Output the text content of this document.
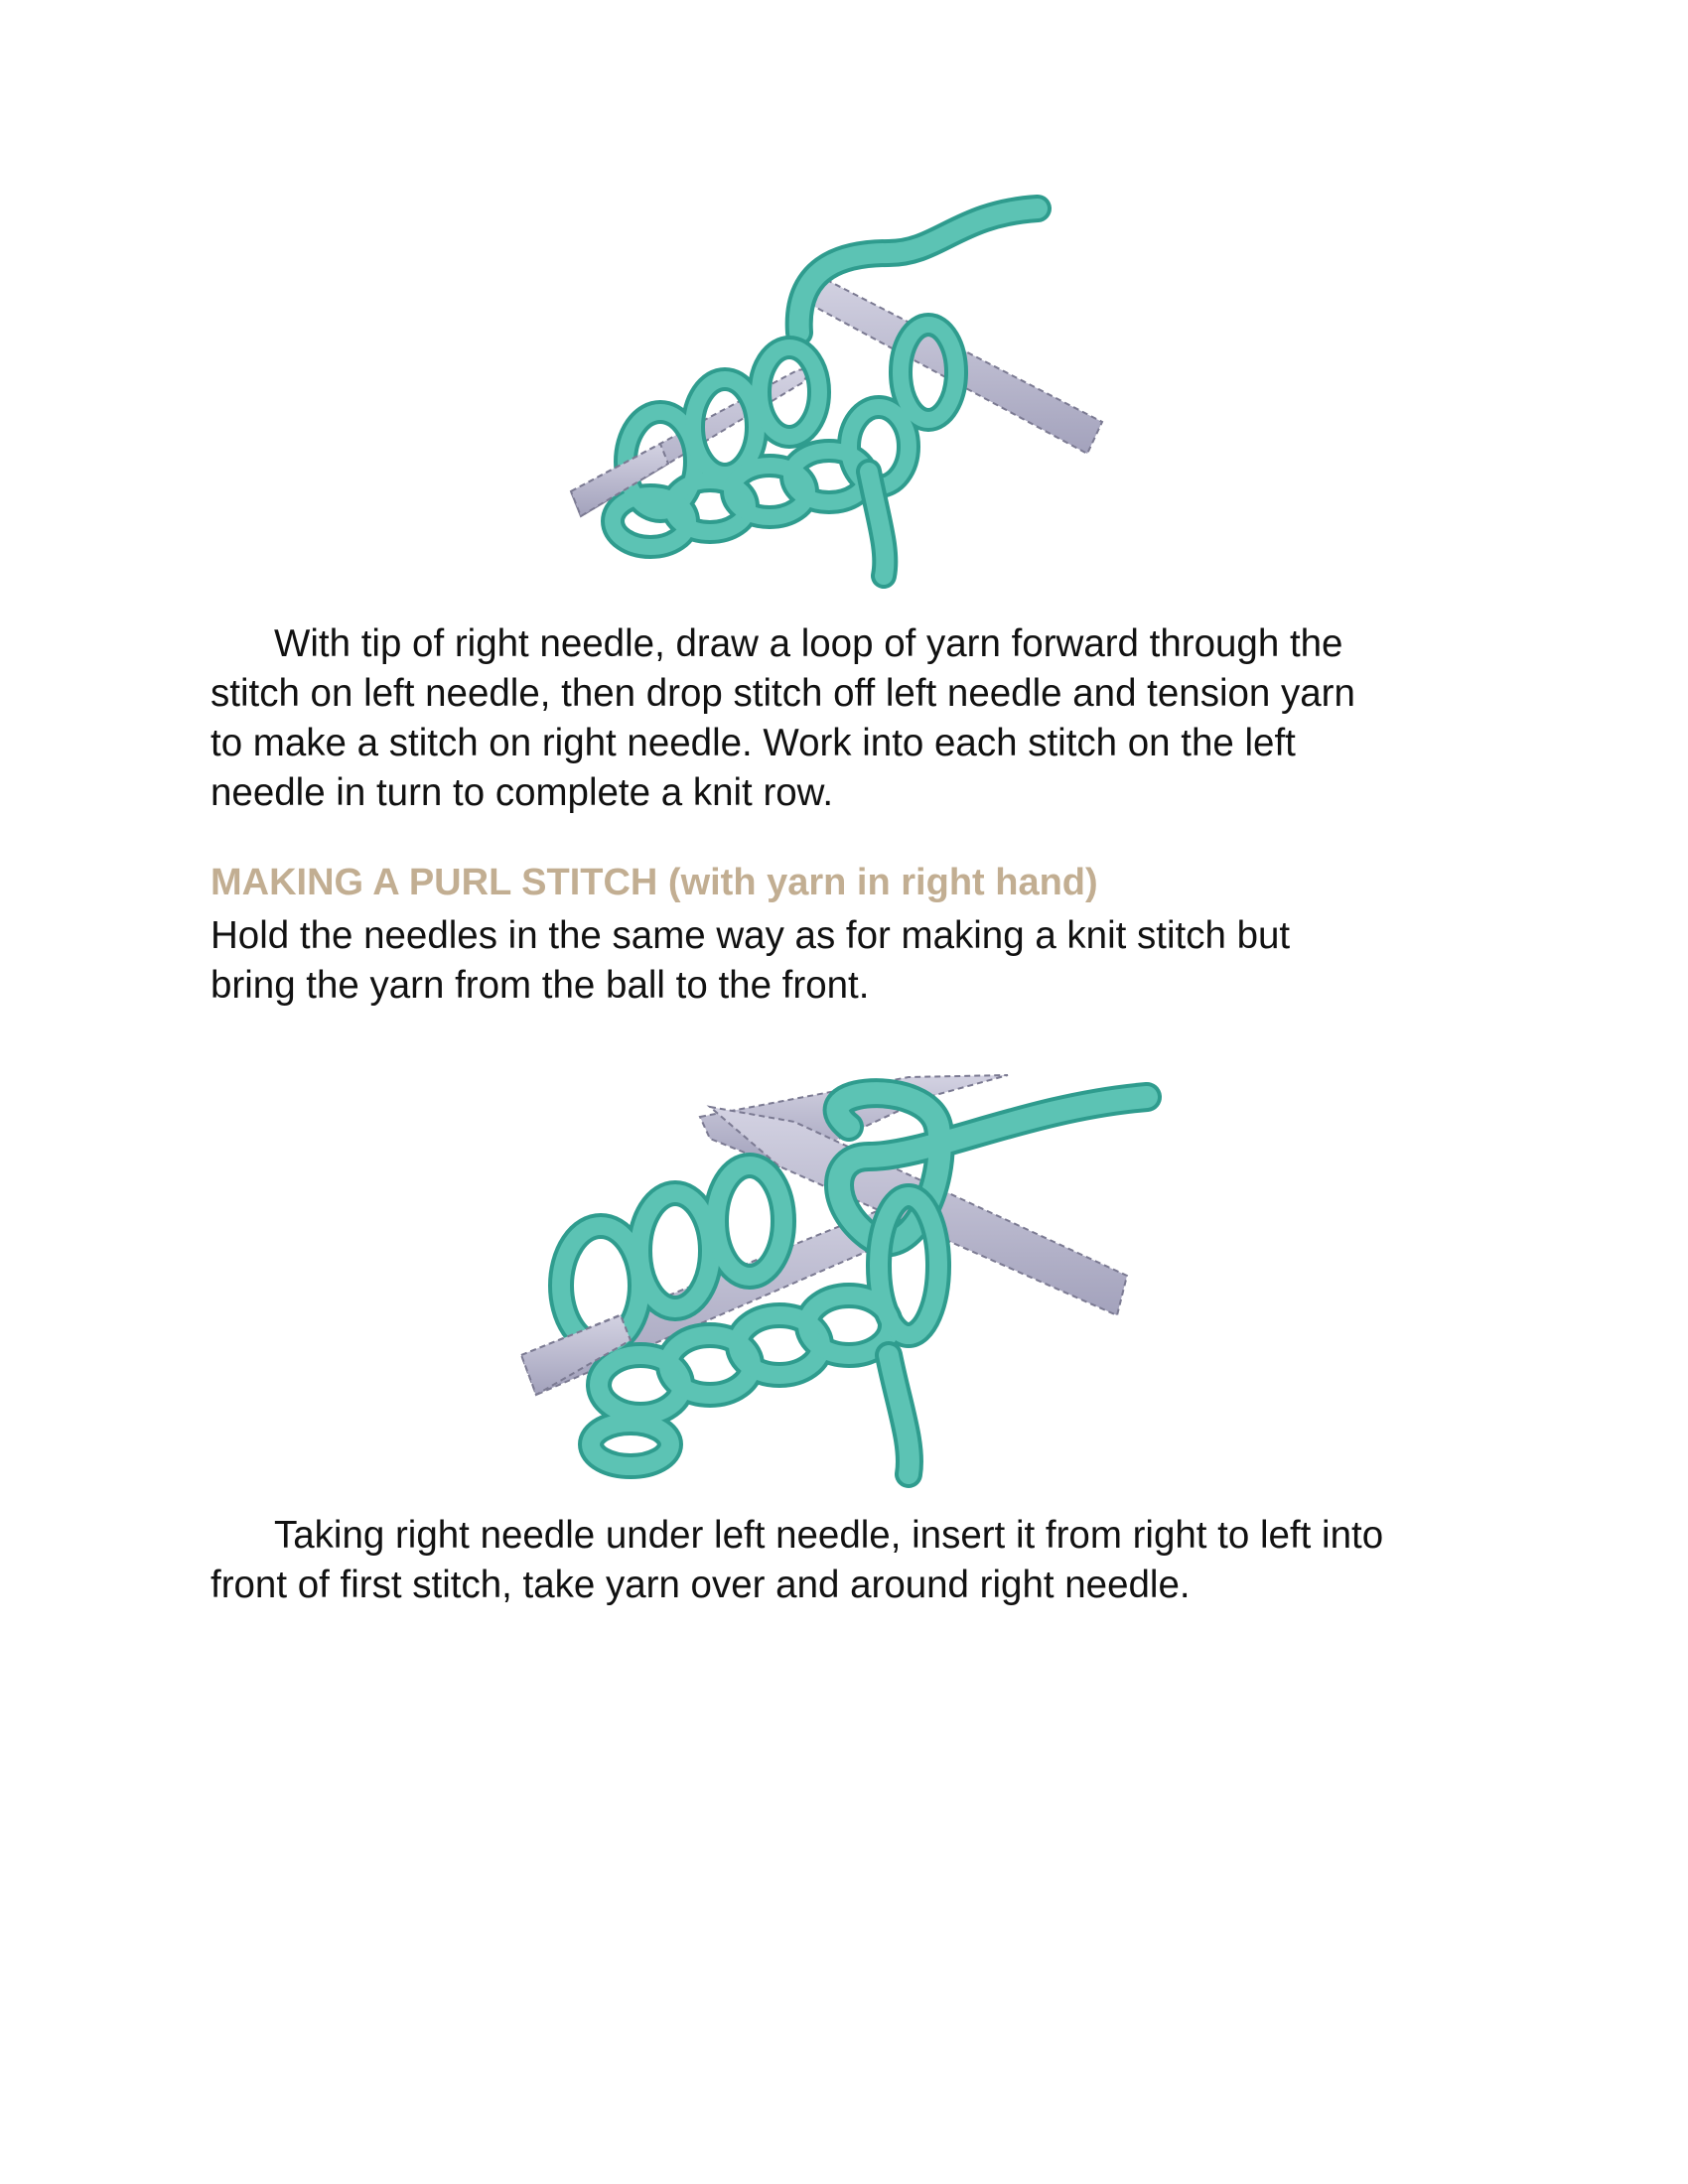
With tip of right needle, draw a loop of yarn forward through the
stitch on left needle, then drop stitch off left needle and tension yarn
to make a stitch on right needle. Work into each stitch on the left
needle in turn to complete a knit row.

MAKING A PURL STITCH (with yarn in right hand)

Hold the needles in the same way as for making a knit stitch but
bring the yarn from the ball to the front.

Taking right needle under left needle, insert it from right to left into
front of first stitch, take yarn over and around right needle.
